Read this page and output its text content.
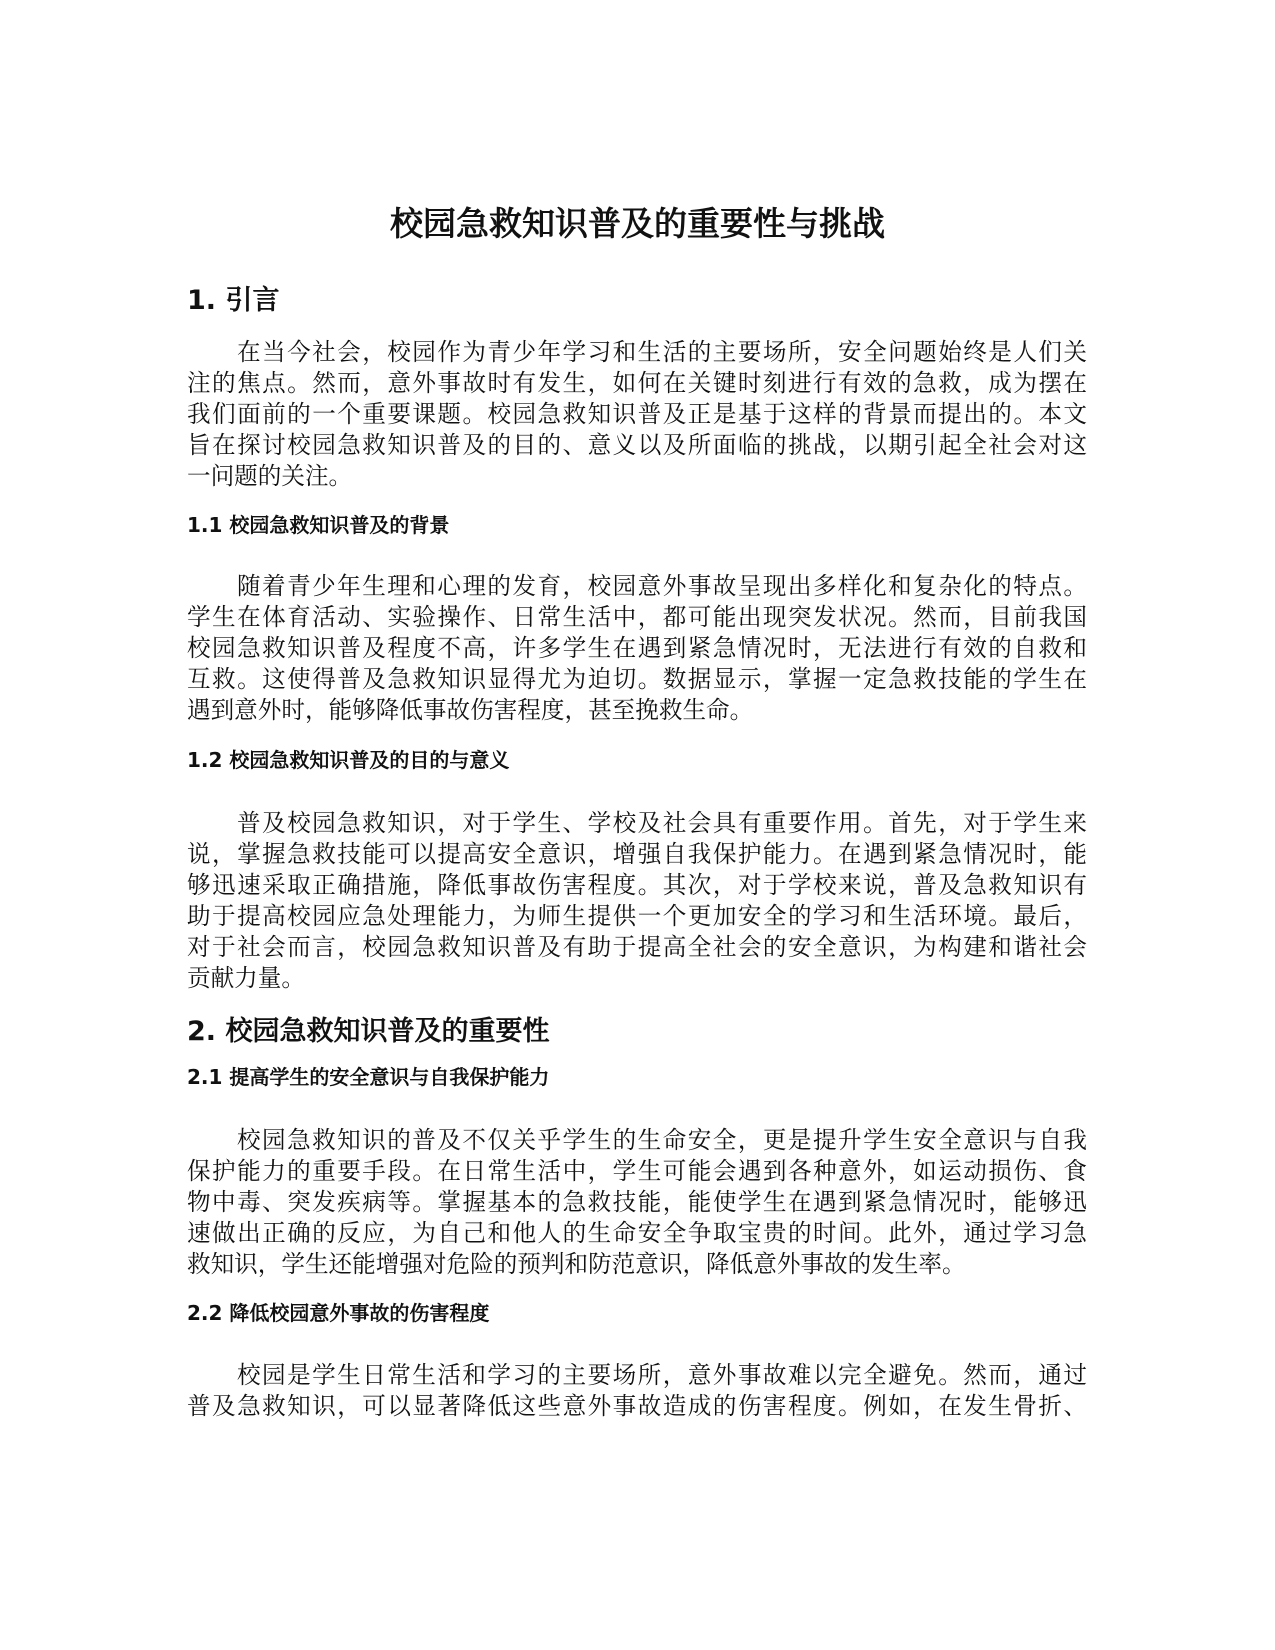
校园急救知识普及的重要性与挑战
1. 引言
在当今社会，校园作为青少年学习和生活的主要场所，安全问题始终是人们关
注的焦点。然而，意外事故时有发生，如何在关键时刻进行有效的急救，成为摆在
我们面前的一个重要课题。校园急救知识普及正是基于这样的背景而提出的。本文
旨在探讨校园急救知识普及的目的、意义以及所面临的挑战，以期引起全社会对这
一问题的关注。
1.1 校园急救知识普及的背景
随着青少年生理和心理的发育，校园意外事故呈现出多样化和复杂化的特点。
学生在体育活动、实验操作、日常生活中，都可能出现突发状况。然而，目前我国
校园急救知识普及程度不高，许多学生在遇到紧急情况时，无法进行有效的自救和
互救。这使得普及急救知识显得尤为迫切。数据显示，掌握一定急救技能的学生在
遇到意外时，能够降低事故伤害程度，甚至挽救生命。
1.2 校园急救知识普及的目的与意义
普及校园急救知识，对于学生、学校及社会具有重要作用。首先，对于学生来
说，掌握急救技能可以提高安全意识，增强自我保护能力。在遇到紧急情况时，能
够迅速采取正确措施，降低事故伤害程度。其次，对于学校来说，普及急救知识有
助于提高校园应急处理能力，为师生提供一个更加安全的学习和生活环境。最后，
对于社会而言，校园急救知识普及有助于提高全社会的安全意识，为构建和谐社会
贡献力量。
2. 校园急救知识普及的重要性
2.1 提高学生的安全意识与自我保护能力
校园急救知识的普及不仅关乎学生的生命安全，更是提升学生安全意识与自我
保护能力的重要手段。在日常生活中，学生可能会遇到各种意外，如运动损伤、食
物中毒、突发疾病等。掌握基本的急救技能，能使学生在遇到紧急情况时，能够迅
速做出正确的反应，为自己和他人的生命安全争取宝贵的时间。此外，通过学习急
救知识，学生还能增强对危险的预判和防范意识，降低意外事故的发生率。
2.2 降低校园意外事故的伤害程度
校园是学生日常生活和学习的主要场所，意外事故难以完全避免。然而，通过
普及急救知识，可以显著降低这些意外事故造成的伤害程度。例如，在发生骨折、
